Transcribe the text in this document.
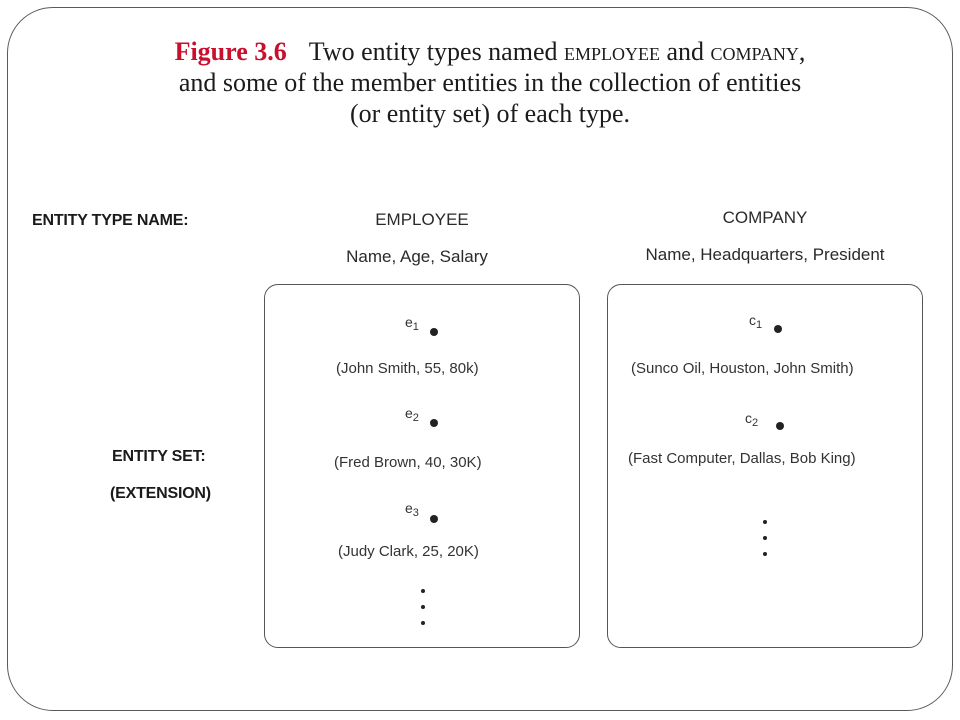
Figure 3.6 Two entity types named employee and company,
and some of the member entities in the collection of entities
(or entity set) of each type.
ENTITY TYPE NAME:
ENTITY SET:
(EXTENSION)
EMPLOYEE
Name, Age, Salary
COMPANY
Name, Headquarters, President
$e_1$
(John Smith, 55, 80k)
$e_2$
(Fred Brown, 40, 30K)
$e_3$
(Judy Clark, 25, 20K)
$c_1$
(Sunco Oil, Houston, John Smith)
$c_2$
(Fast Computer, Dallas, Bob King)
